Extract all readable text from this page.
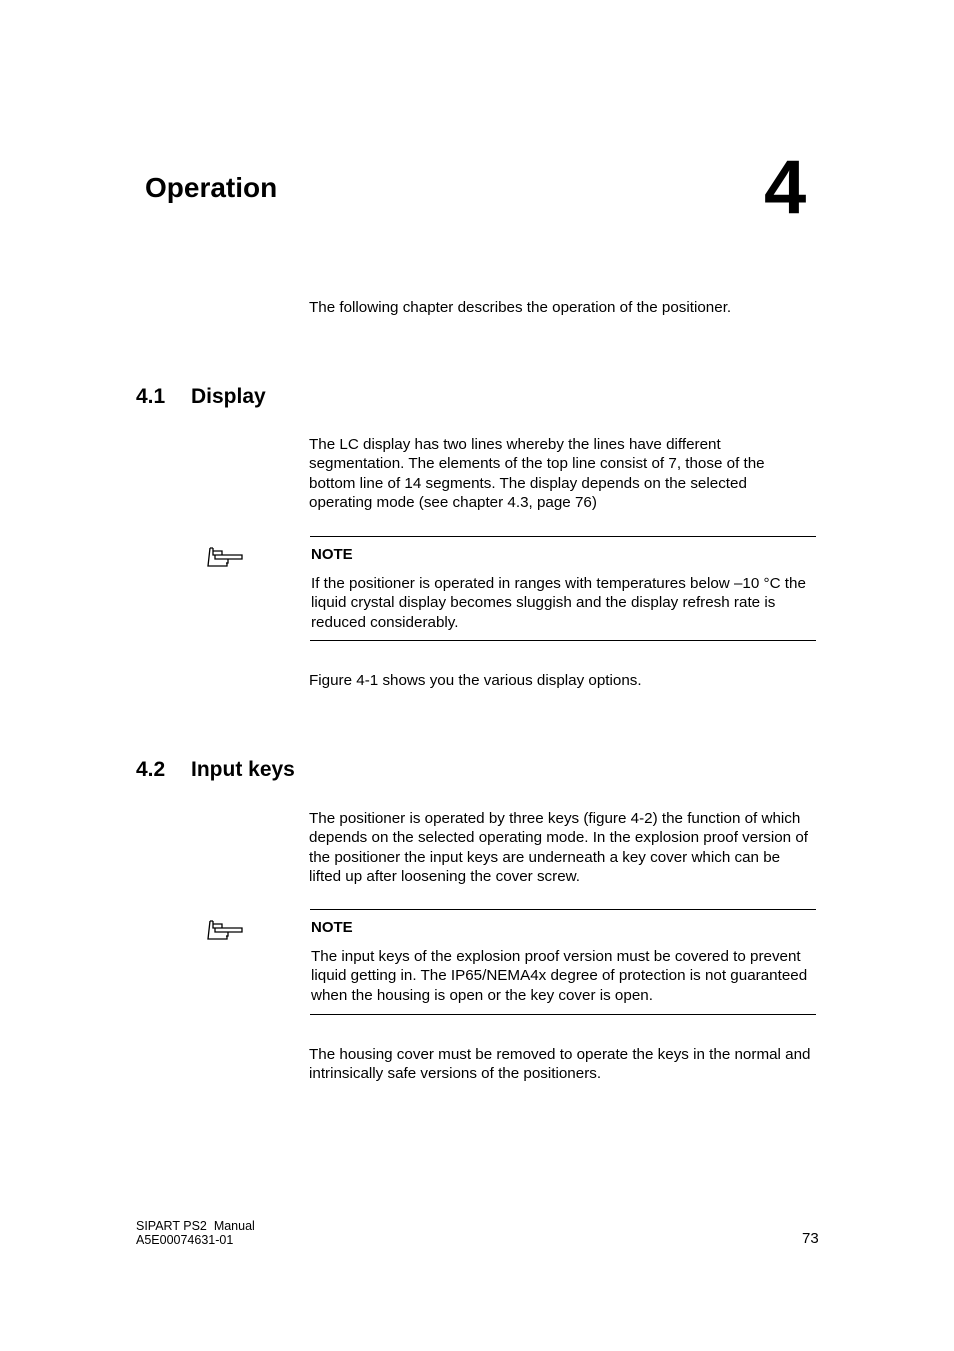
Operation	4
The following chapter describes the operation of the positioner.
4.1 Display
The LC display has two lines whereby the lines have different segmentation. The elements of the top line consist of 7, those of the bottom line of 14 segments. The display depends on the selected operating mode (see chapter 4.3, page 76)
NOTE
If the positioner is operated in ranges with temperatures below –10 °C the liquid crystal display becomes sluggish and the display refresh rate is reduced considerably.
Figure 4-1 shows you the various display options.
4.2 Input keys
The positioner is operated by three keys (figure 4-2) the function of which depends on the selected operating mode. In the explosion proof version of the positioner the input keys are underneath a key cover which can be lifted up after loosening the cover screw.
NOTE
The input keys of the explosion proof version must be covered to prevent liquid getting in. The IP65/NEMA4x degree of protection is not guaranteed when the housing is open or the key cover is open.
The housing cover must be removed to operate the keys in the normal and intrinsically safe versions of the positioners.
SIPART PS2  Manual
A5E00074631-01	73
